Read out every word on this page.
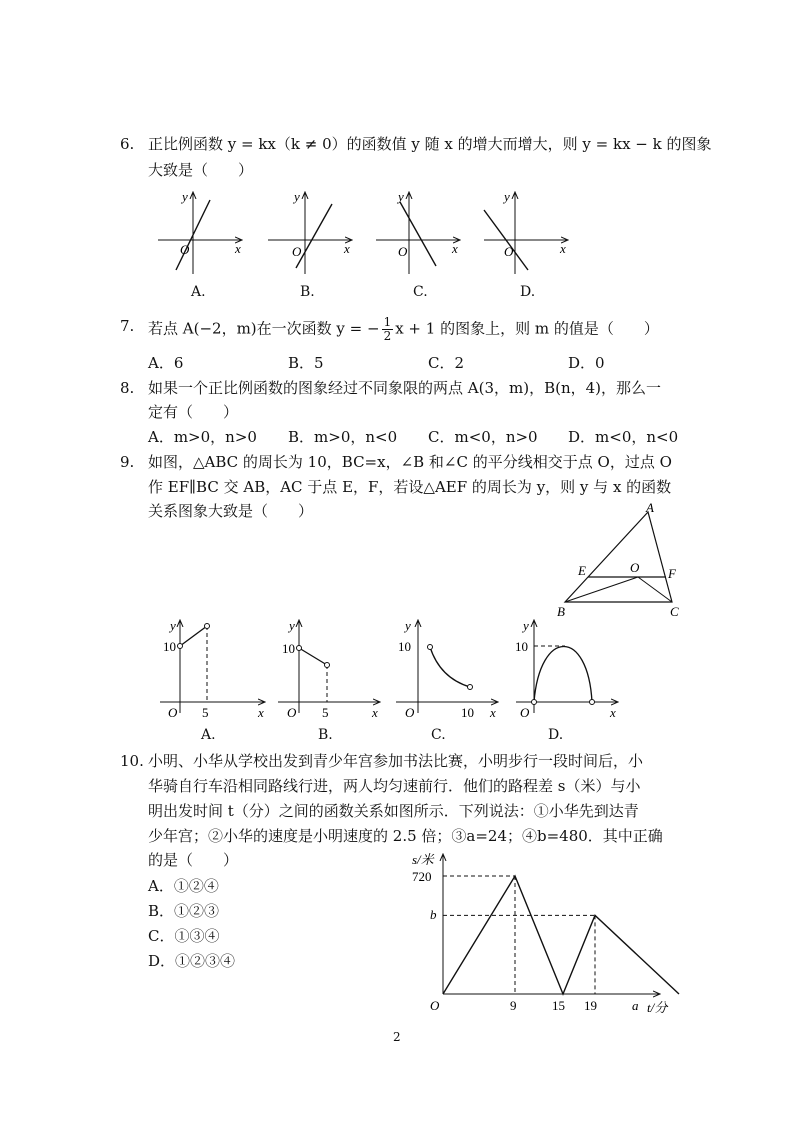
6. 正比例函数 y = kx（k ≠ 0）的函数值 y 随 x 的增大而增大，则 y = kx − k 的图象
大致是（　　）
y
x
O
y
x
O
y
x
O
y
x
O
A.	B.	C.	D.
7. 若点 A(−2，m)在一次函数 y = − $\frac{1}{2}$ x + 1 的图象上，则 m 的值是（　　）
A．6	B．5	C．2	D．0
8. 如果一个正比例函数的图象经过不同象限的两点 A(3，m)，B(n，4)，那么一
定有（　　）
A．m>0，n>0 B．m>0，n<0 C．m<0，n>0 D．m<0，n<0
9. 如图，△ABC 的周长为 10，BC=x，∠B 和∠C 的平分线相交于点 O，过点 O
作 EF∥BC 交 AB，AC 于点 E，F，若设△AEF 的周长为 y，则 y 与 x 的函数
关系图象大致是（　　）	A
B	C
E	F
O
y
10
O 5	x
y
10
O 5	x
y
10
O	10 x
y
10
O	x
A.	B.	C.	D.
10. 小明、小华从学校出发到青少年宫参加书法比赛，小明步行一段时间后，小
华骑自行车沿相同路线行进，两人均匀速前行．他们的路程差 s（米）与小
明出发时间 t（分）之间的函数关系如图所示．下列说法：①小华先到达青
少年宫；②小华的速度是小明速度的 2.5 倍；③a=24；④b=480．其中正确
的是（　　）
A．①②④
B．①②③
C．①③④
D．①②③④
s/米
t/分
O
720
b
9	15 19	a
2
